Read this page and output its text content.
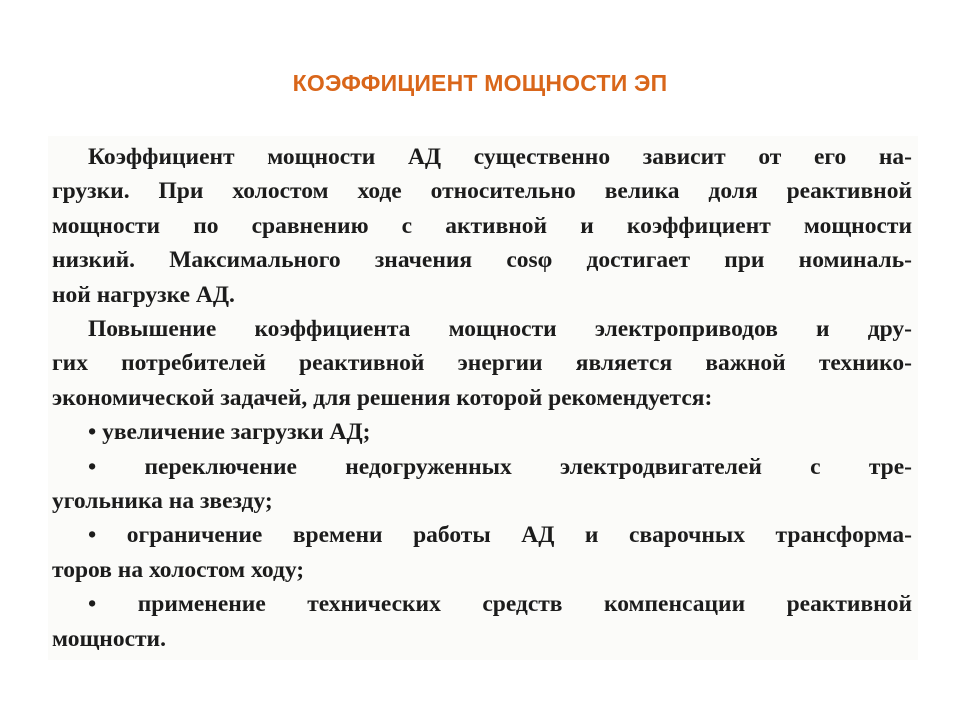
КОЭФФИЦИЕНТ МОЩНОСТИ ЭП
Коэффициент мощности АД существенно зависит от его на-
грузки. При холостом ходе относительно велика доля реактивной
мощности по сравнению с активной и коэффициент мощности
низкий. Максимального значения cosφ достигает при номиналь-
ной нагрузке АД.
Повышение коэффициента мощности электроприводов и дру-
гих потребителей реактивной энергии является важной технико-
экономической задачей, для решения которой рекомендуется:
• увеличение загрузки АД;
• переключение недогруженных электродвигателей с тре-
угольника на звезду;
• ограничение времени работы АД и сварочных трансформа-
торов на холостом ходу;
• применение технических средств компенсации реактивной
мощности.
